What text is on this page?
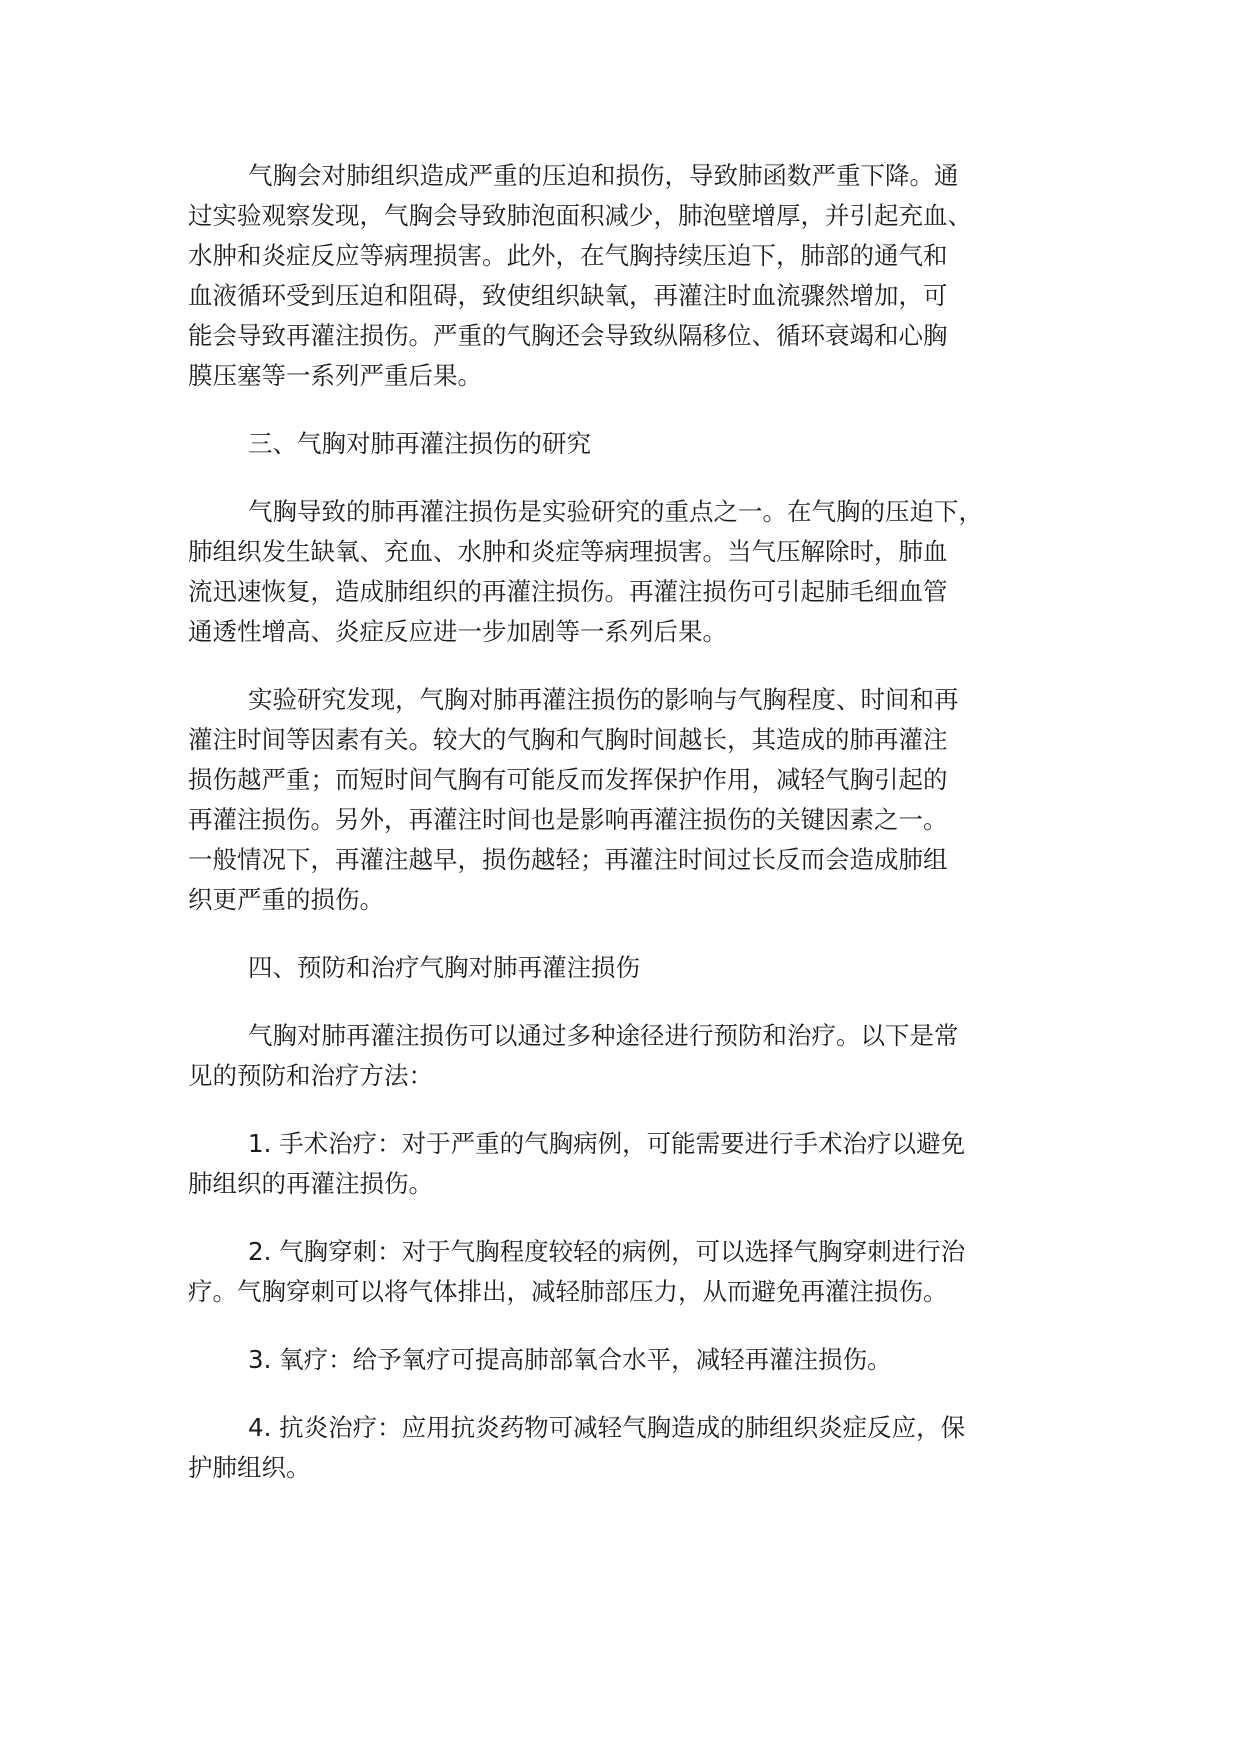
气胸会对肺组织造成严重的压迫和损伤，导致肺函数严重下降。通
过实验观察发现，气胸会导致肺泡面积减少，肺泡壁增厚，并引起充血、
水肿和炎症反应等病理损害。此外，在气胸持续压迫下，肺部的通气和
血液循环受到压迫和阻碍，致使组织缺氧，再灌注时血流骤然增加，可
能会导致再灌注损伤。严重的气胸还会导致纵隔移位、循环衰竭和心胸
膜压塞等一系列严重后果。
三、气胸对肺再灌注损伤的研究
气胸导致的肺再灌注损伤是实验研究的重点之一。在气胸的压迫下，
肺组织发生缺氧、充血、水肿和炎症等病理损害。当气压解除时，肺血
流迅速恢复，造成肺组织的再灌注损伤。再灌注损伤可引起肺毛细血管
通透性增高、炎症反应进一步加剧等一系列后果。
实验研究发现，气胸对肺再灌注损伤的影响与气胸程度、时间和再
灌注时间等因素有关。较大的气胸和气胸时间越长，其造成的肺再灌注
损伤越严重；而短时间气胸有可能反而发挥保护作用，减轻气胸引起的
再灌注损伤。另外，再灌注时间也是影响再灌注损伤的关键因素之一。
一般情况下，再灌注越早，损伤越轻；再灌注时间过长反而会造成肺组
织更严重的损伤。
四、预防和治疗气胸对肺再灌注损伤
气胸对肺再灌注损伤可以通过多种途径进行预防和治疗。以下是常
见的预防和治疗方法：
1. 手术治疗：对于严重的气胸病例，可能需要进行手术治疗以避免
肺组织的再灌注损伤。
2. 气胸穿刺：对于气胸程度较轻的病例，可以选择气胸穿刺进行治
疗。气胸穿刺可以将气体排出，减轻肺部压力，从而避免再灌注损伤。
3. 氧疗：给予氧疗可提高肺部氧合水平，减轻再灌注损伤。
4. 抗炎治疗：应用抗炎药物可减轻气胸造成的肺组织炎症反应，保
护肺组织。
